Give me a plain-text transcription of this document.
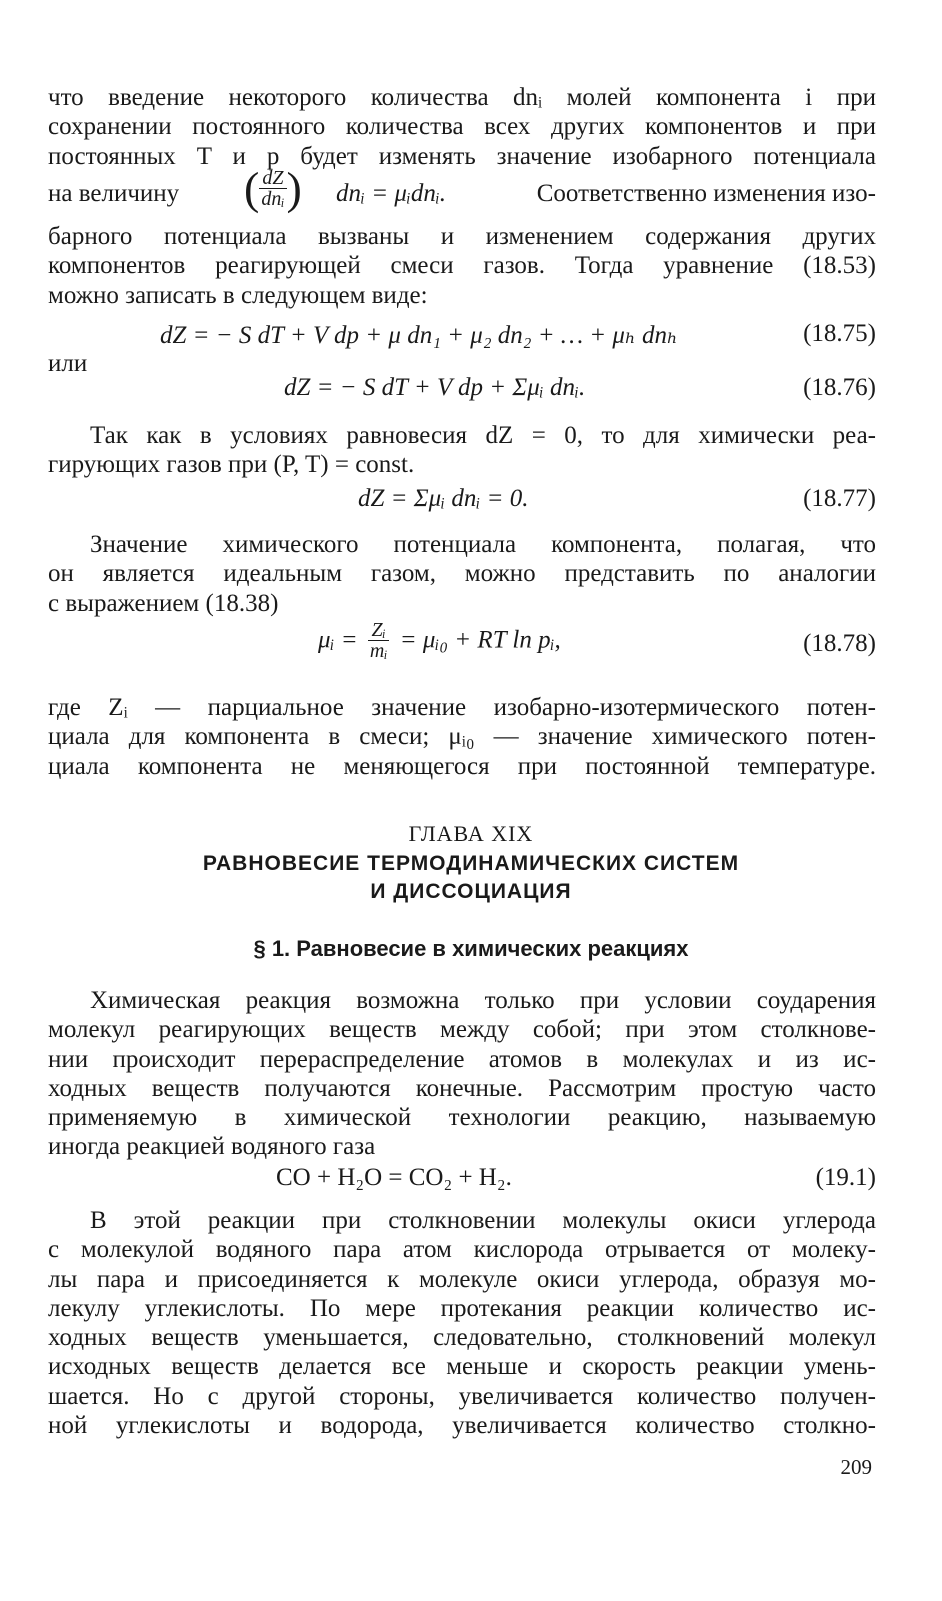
что введение некоторого количества dnᵢ молей компонента i при
сохранении постоянного количества всех других компонентов и при
постоянных T и p будет изменять значение изобарного потенциала
на величину ( $\frac{dZ}{\text{dnᵢ}}$ ) dnᵢ = μᵢdnᵢ.	Соответственно изменения изо-
барного потенциала вызваны и изменением содержания других
компонентов реагирующей смеси газов. Тогда уравнение (18.53)
можно записать в следующем виде:
dZ = − S dT + V dp + μ dn₁ + μ₂ dn₂ + … + μₕ dnₕ	(18.75)
или
dZ = − S dT + V dp + Σμᵢ dnᵢ.	(18.76)
Так как в условиях равновесия dZ = 0, то для химически реа-
гирующих газов при (P, T) = const.
dZ = Σμᵢ dnᵢ = 0.	(18.77)
Значение химического потенциала компонента, полагая, что
он является идеальным газом, можно представить по аналогии
с выражением (18.38)
μᵢ = $\frac{\text{Zᵢ}}{\text{mᵢ}}$ = μᵢ₀ + RT ln pᵢ,	(18.78)
где Zᵢ — парциальное значение изобарно-изотермического потен-
циала для компонента в смеси; μᵢ₀ — значение химического потен-
циала компонента не меняющегося при постоянной температуре.
ГЛАВА XIX
РАВНОВЕСИЕ ТЕРМОДИНАМИЧЕСКИХ СИСТЕМ
И ДИССОЦИАЦИЯ
§ 1. Равновесие в химических реакциях
Химическая реакция возможна только при условии соударения
молекул реагирующих веществ между собой; при этом столкнове-
нии происходит перераспределение атомов в молекулах и из ис-
ходных веществ получаются конечные. Рассмотрим простую часто
применяемую в химической технологии реакцию, называемую
иногда реакцией водяного газа
CO + H₂O = CO₂ + H₂.	(19.1)
В этой реакции при столкновении молекулы окиси углерода
с молекулой водяного пара атом кислорода отрывается от молеку-
лы пара и присоединяется к молекуле окиси углерода, образуя мо-
лекулу углекислоты. По мере протекания реакции количество ис-
ходных веществ уменьшается, следовательно, столкновений молекул
исходных веществ делается все меньше и скорость реакции умень-
шается. Но с другой стороны, увеличивается количество получен-
ной углекислоты и водорода, увеличивается количество столкно-
209
